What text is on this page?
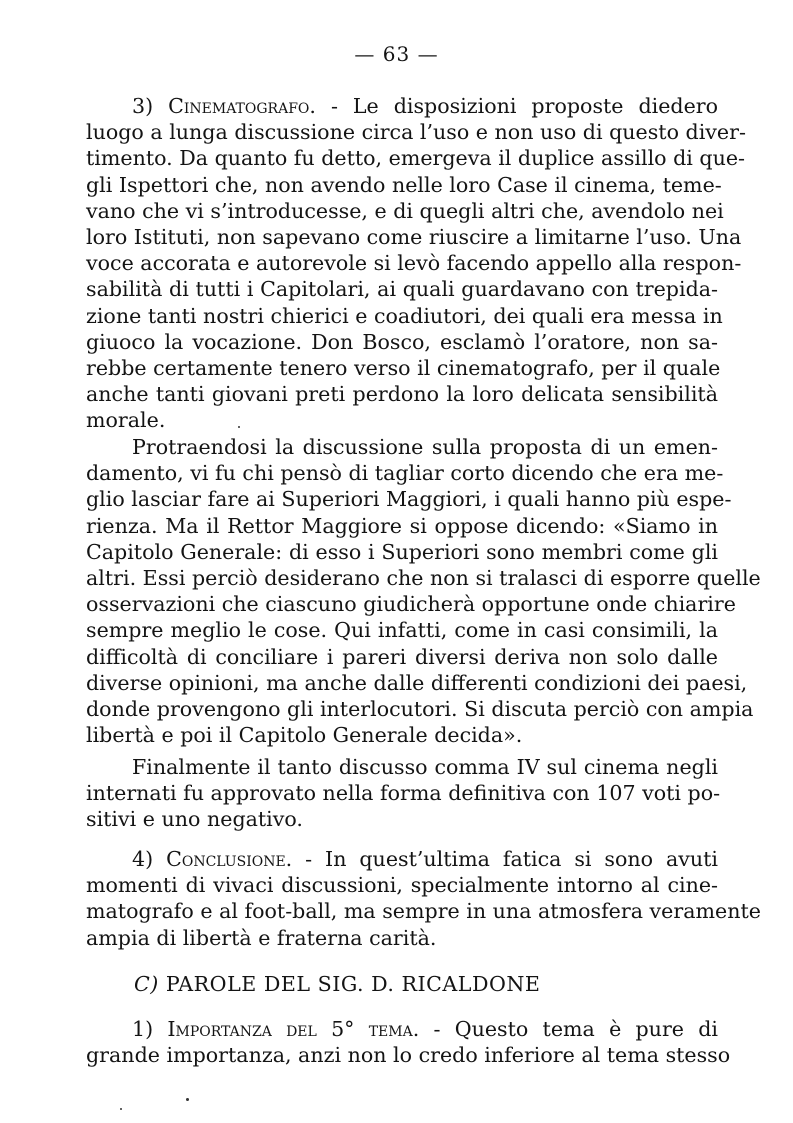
— 63 —
3) Cinematografo. - Le disposizioni proposte diedero
luogo a lunga discussione circa l’uso e non uso di questo diver-
timento. Da quanto fu detto, emergeva il duplice assillo di que-
gli Ispettori che, non avendo nelle loro Case il cinema, teme-
vano che vi s’introducesse, e di quegli altri che, avendolo nei
loro Istituti, non sapevano come riuscire a limitarne l’uso. Una
voce accorata e autorevole si levò facendo appello alla respon-
sabilità di tutti i Capitolari, ai quali guardavano con trepida-
zione tanti nostri chierici e coadiutori, dei quali era messa in
giuoco la vocazione. Don Bosco, esclamò l’oratore, non sa-
rebbe certamente tenero verso il cinematografo, per il quale
anche tanti giovani preti perdono la loro delicata sensibilità
morale.
Protraendosi la discussione sulla proposta di un emen-
damento, vi fu chi pensò di tagliar corto dicendo che era me-
glio lasciar fare ai Superiori Maggiori, i quali hanno più espe-
rienza. Ma il Rettor Maggiore si oppose dicendo: «Siamo in
Capitolo Generale: di esso i Superiori sono membri come gli
altri. Essi perciò desiderano che non si tralasci di esporre quelle
osservazioni che ciascuno giudicherà opportune onde chiarire
sempre meglio le cose. Qui infatti, come in casi consimili, la
difficoltà di conciliare i pareri diversi deriva non solo dalle
diverse opinioni, ma anche dalle differenti condizioni dei paesi,
donde provengono gli interlocutori. Si discuta perciò con ampia
libertà e poi il Capitolo Generale decida».
Finalmente il tanto discusso comma IV sul cinema negli
internati fu approvato nella forma definitiva con 107 voti po-
sitivi e uno negativo.
4) Conclusione. - In quest’ultima fatica si sono avuti
momenti di vivaci discussioni, specialmente intorno al cine-
matografo e al foot-ball, ma sempre in una atmosfera veramente
ampia di libertà e fraterna carità.
C) PAROLE DEL SIG. D. RICALDONE
1) Importanza del 5° tema. - Questo tema è pure di
grande importanza, anzi non lo credo inferiore al tema stesso
